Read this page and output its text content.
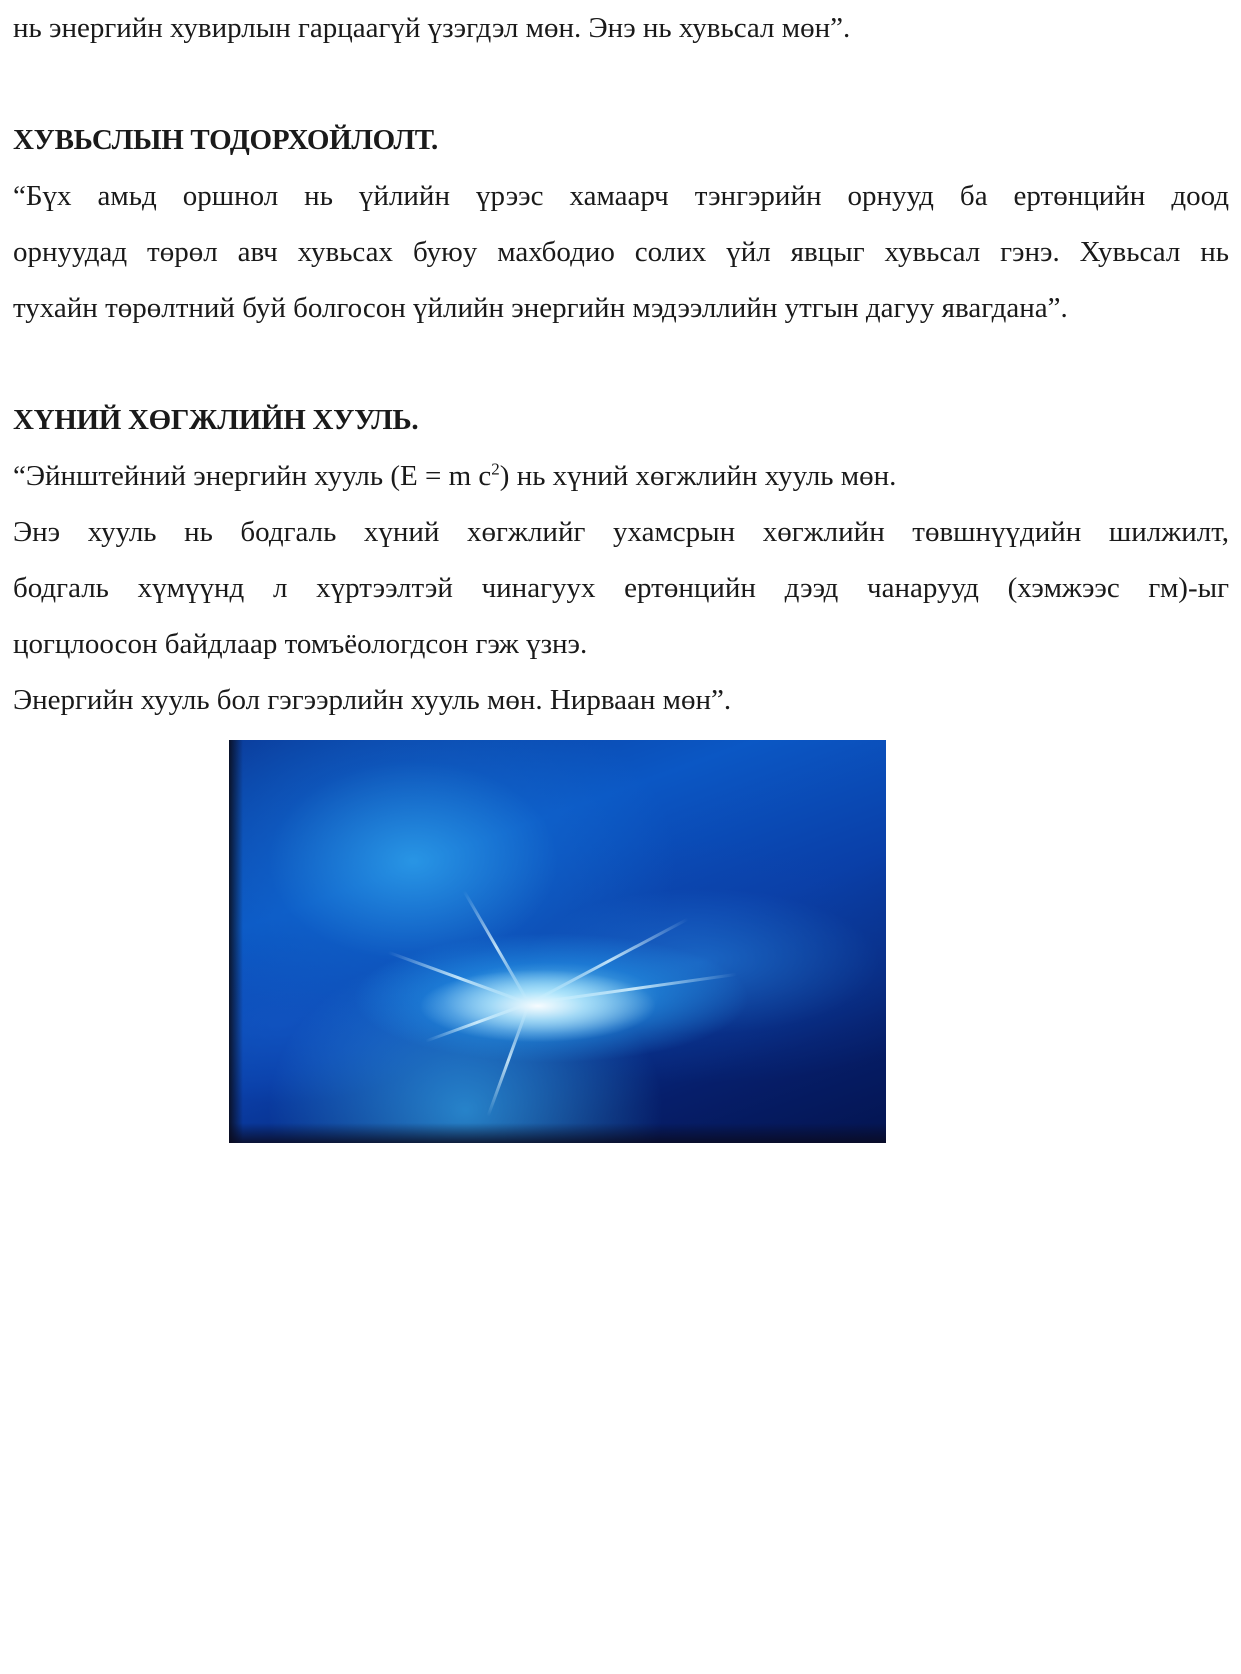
нь энергийн хувирлын гарцаагүй үзэгдэл мөн. Энэ нь хувьсал мөн”.
ХУВЬСЛЫН ТОДОРХОЙЛОЛТ.
“Бүх амьд оршнол нь үйлийн үрээс хамаарч тэнгэрийн орнууд ба ертөнцийн доод
орнуудад төрөл авч хувьсах буюу махбодио солих үйл явцыг хувьсал гэнэ. Хувьсал нь
тухайн төрөлтний буй болгосон үйлийн энергийн мэдээллийн утгын дагуу явагдана”.
ХҮНИЙ ХӨГЖЛИЙН ХУУЛЬ.
“Эйнштейний энергийн хууль (E = m $c^2$) нь хүний хөгжлийн хууль мөн.
Энэ хууль нь бодгаль хүний хөгжлийг ухамсрын хөгжлийн төвшнүүдийн шилжилт,
бодгаль хүмүүнд л хүртээлтэй чинагуух ертөнцийн дээд чанарууд (хэмжээс гм)-ыг
цогцлоосон байдлаар томъёологдсон гэж үзнэ.
Энергийн хууль бол гэгээрлийн хууль мөн. Нирваан мөн”.
